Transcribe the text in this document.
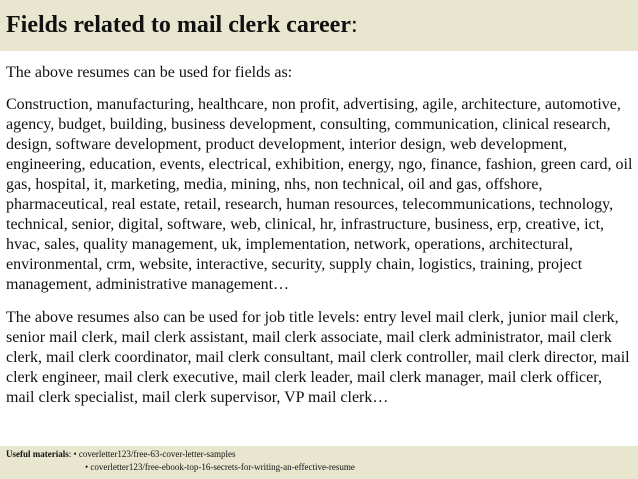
Fields related to mail clerk career:

The above resumes can be used for fields as:

Construction, manufacturing, healthcare, non profit, advertising, agile, architecture, automotive,
agency, budget, building, business development, consulting, communication, clinical research,
design, software development, product development, interior design, web development,
engineering, education, events, electrical, exhibition, energy, ngo, finance, fashion, green card, oil
gas, hospital, it, marketing, media, mining, nhs, non technical, oil and gas, offshore,
pharmaceutical, real estate, retail, research, human resources, telecommunications, technology,
technical, senior, digital, software, web, clinical, hr, infrastructure, business, erp, creative, ict,
hvac, sales, quality management, uk, implementation, network, operations, architectural,
environmental, crm, website, interactive, security, supply chain, logistics, training, project
management, administrative management…

The above resumes also can be used for job title levels: entry level mail clerk, junior mail clerk,
senior mail clerk, mail clerk assistant, mail clerk associate, mail clerk administrator, mail clerk
clerk, mail clerk coordinator, mail clerk consultant, mail clerk controller, mail clerk director, mail
clerk engineer, mail clerk executive, mail clerk leader, mail clerk manager, mail clerk officer,
mail clerk specialist, mail clerk supervisor, VP mail clerk…

Useful materials: • coverletter123/free-63-cover-letter-samples
• coverletter123/free-ebook-top-16-secrets-for-writing-an-effective-resume
